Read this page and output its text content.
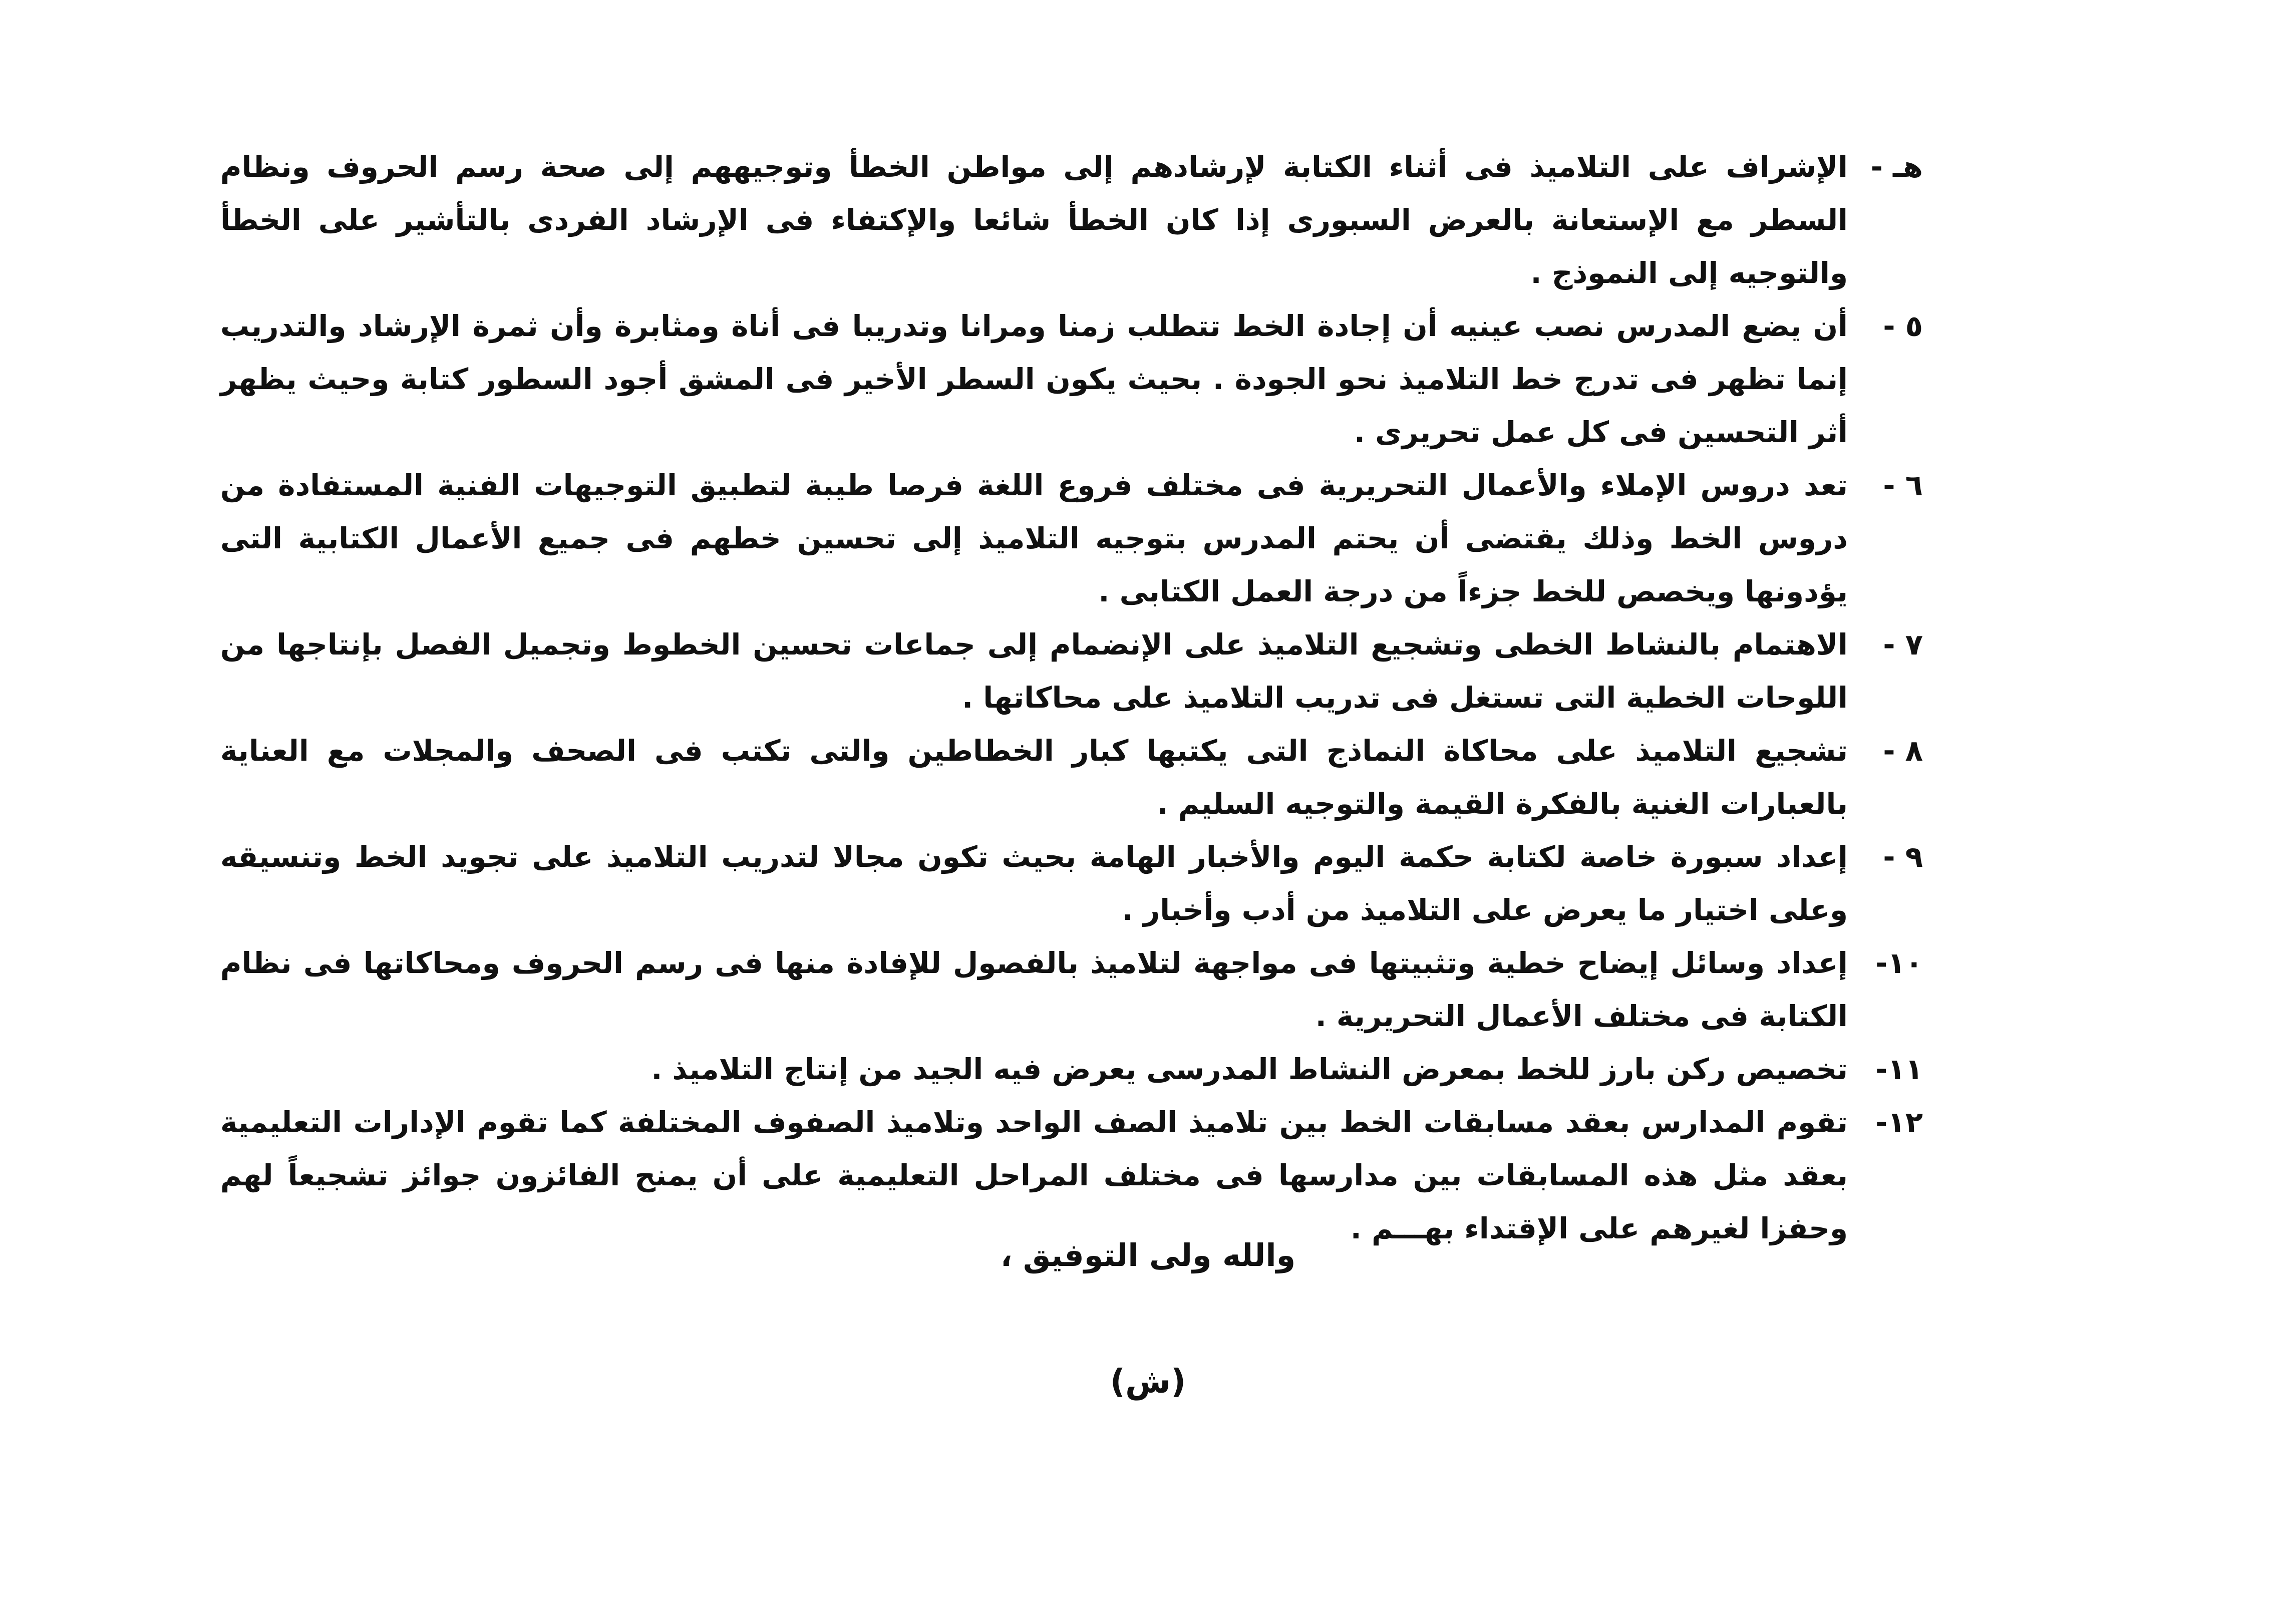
هـ -
الإشراف على التلاميذ فى أثناء الكتابة لإرشادهم إلى مواطن الخطأ وتوجيههم إلى صحة رسم الحروف ونظام السطر مع الإستعانة بالعرض السبورى إذا كان الخطأ شائعا والإكتفاء فى الإرشاد الفردى بالتأشير على الخطأ والتوجيه إلى النموذج .
٥ -
أن يضع المدرس نصب عينيه أن إجادة الخط تتطلب زمنا ومرانا وتدريبا فى أناة ومثابرة وأن ثمرة الإرشاد والتدريب إنما تظهر فى تدرج خط التلاميذ نحو الجودة . بحيث يكون السطر الأخير فى المشق أجود السطور كتابة وحيث يظهر أثر التحسين فى كل عمل تحريرى .
٦ -
تعد دروس الإملاء والأعمال التحريرية فى مختلف فروع اللغة فرصا طيبة لتطبيق التوجيهات الفنية المستفادة من دروس الخط وذلك يقتضى أن يحتم المدرس بتوجيه التلاميذ إلى تحسين خطهم فى جميع الأعمال الكتابية التى يؤدونها ويخصص للخط جزءاً من درجة العمل الكتابى .
٧ -
الاهتمام بالنشاط الخطى وتشجيع التلاميذ على الإنضمام إلى جماعات تحسين الخطوط وتجميل الفصل بإنتاجها من اللوحات الخطية التى تستغل فى تدريب التلاميذ على محاكاتها .
٨ -
تشجيع التلاميذ على محاكاة النماذج التى يكتبها كبار الخطاطين والتى تكتب فى الصحف والمجلات مع العناية بالعبارات الغنية بالفكرة القيمة والتوجيه السليم .
٩ -
إعداد سبورة خاصة لكتابة حكمة اليوم والأخبار الهامة بحيث تكون مجالا لتدريب التلاميذ على تجويد الخط وتنسيقه وعلى اختيار ما يعرض على التلاميذ من أدب وأخبار .
١٠-
إعداد وسائل إيضاح خطية وتثبيتها فى مواجهة لتلاميذ بالفصول للإفادة منها فى رسم الحروف ومحاكاتها فى نظام الكتابة فى مختلف الأعمال التحريرية .
١١-
تخصيص ركن بارز للخط بمعرض النشاط المدرسى يعرض فيه الجيد من إنتاج التلاميذ .
١٢-
تقوم المدارس بعقد مسابقات الخط بين تلاميذ الصف الواحد وتلاميذ الصفوف المختلفة كما تقوم الإدارات التعليمية بعقد مثل هذه المسابقات بين مدارسها فى مختلف المراحل التعليمية على أن يمنح الفائزون جوائز تشجيعاً لهم وحفزا لغيرهم على الإقتداء بهـــم .
والله ولى التوفيق ،
(ش)
